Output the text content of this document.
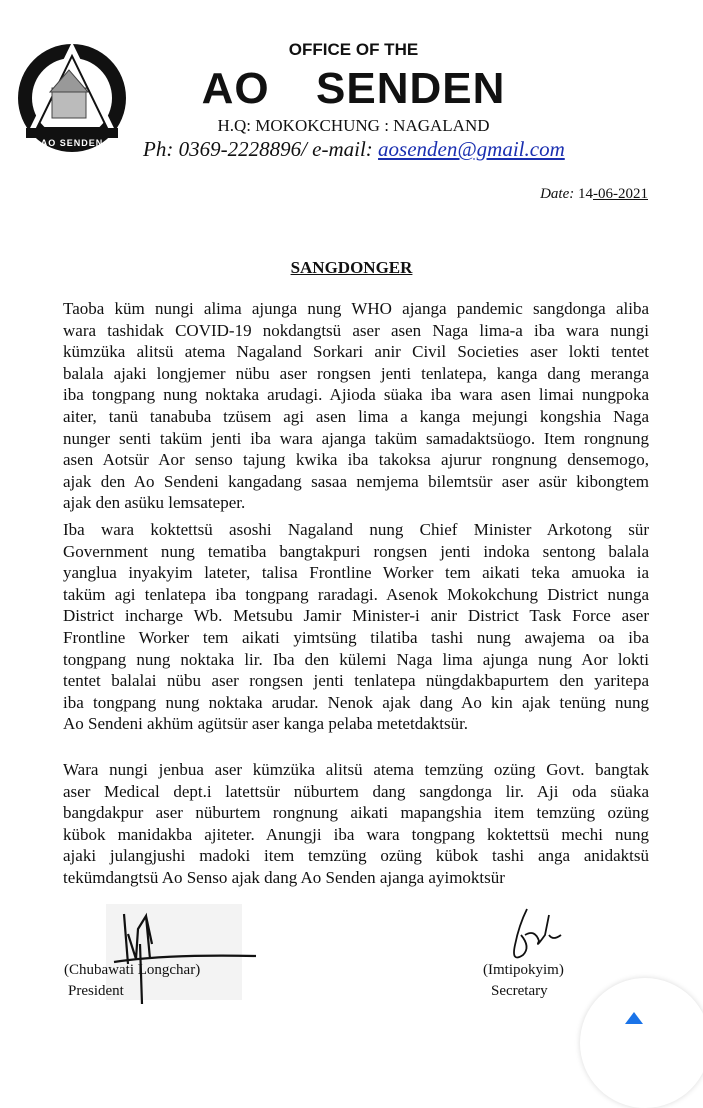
AO SENDEN
OFFICE OF THE
AO  SENDEN
H.Q: MOKOKCHUNG : NAGALAND
Ph: 0369-2228896/ e-mail: aosenden@gmail.com
Date: 14-06-2021
SANGDONGER
Taoba küm nungi alima ajunga nung WHO ajanga pandemic sangdonga aliba
wara tashidak COVID-19 nokdangtsü aser asen Naga lima-a iba wara nungi
kümzüka alitsü atema Nagaland Sorkari anir Civil Societies aser lokti tentet
balala ajaki longjemer nübu aser rongsen jenti tenlatepa, kanga dang meranga
iba tongpang nung noktaka arudagi. Ajioda süaka iba wara asen limai nungpoka
aiter, tanü tanabuba tzüsem agi asen lima a kanga mejungi kongshia Naga
nunger senti taküm jenti iba wara ajanga taküm samadaktsüogo. Item rongnung
asen Aotsür Aor senso tajung kwika iba takoksa ajurur rongnung densemogo,
ajak den Ao Sendeni kangadang sasaa nemjema bilemtsür aser asür kibongtem
ajak den asüku lemsateper.
Iba wara koktettsü asoshi Nagaland nung Chief Minister Arkotong sür
Government nung tematiba bangtakpuri rongsen jenti indoka sentong balala
yanglua inyakyim lateter, talisa Frontline Worker tem aikati teka amuoka ia
taküm agi tenlatepa iba tongpang raradagi. Asenok Mokokchung District nunga
District incharge Wb. Metsubu Jamir Minister-i anir District Task Force aser
Frontline Worker tem aikati yimtsüng tilatiba tashi nung awajema oa iba
tongpang nung noktaka lir. Iba den külemi Naga lima ajunga nung Aor lokti
tentet balalai nübu aser rongsen jenti tenlatepa nüngdakbapurtem den yaritepa
iba tongpang nung noktaka arudar. Nenok ajak dang Ao kin ajak tenüng nung
Ao Sendeni akhüm agütsür aser kanga pelaba metetdaktsür.
Wara nungi jenbua aser kümzüka alitsü atema temzüng ozüng Govt. bangtak
aser Medical dept.i latettsür nüburtem dang sangdonga lir. Aji oda süaka
bangdakpur aser nüburtem rongnung aikati mapangshia item temzüng ozüng
kübok manidakba ajiteter. Anungji iba wara tongpang koktettsü mechi nung
ajaki julangjushi madoki item temzüng ozüng kübok tashi anga anidaktsü
tekümdangtsü Ao Senso ajak dang Ao Senden ajanga ayimoktsür
(Chubawati Longchar)
President
(Imtipokyim)
Secretary
